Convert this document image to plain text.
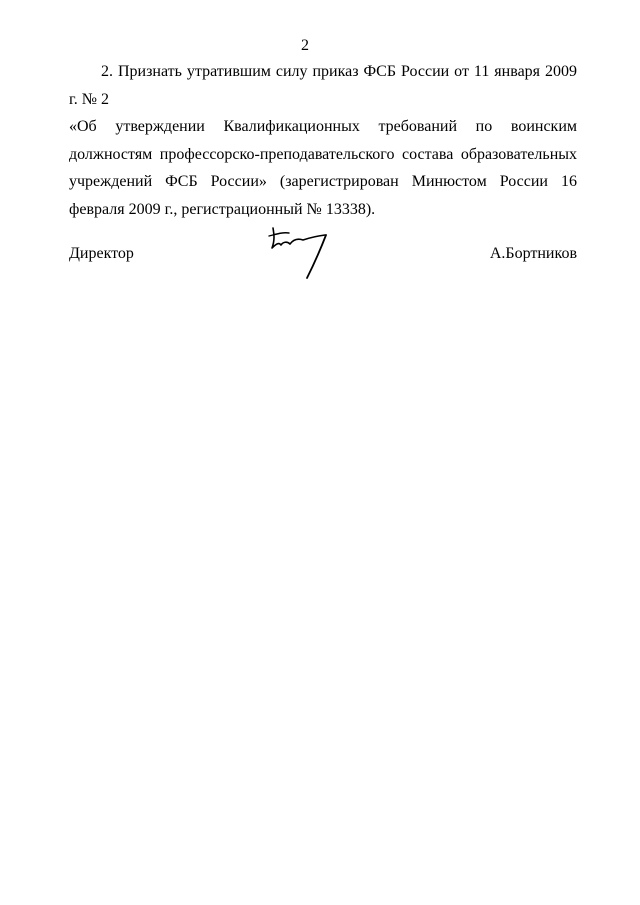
2

2. Признать утратившим силу приказ ФСБ России от 11 января 2009 г. № 2

«Об утверждении Квалификационных требований по воинским должностям профессорско-преподавательского состава образовательных учреждений ФСБ России» (зарегистрирован Минюстом России 16 февраля 2009 г., регистрационный № 13338).

Директор	А.Бортников
